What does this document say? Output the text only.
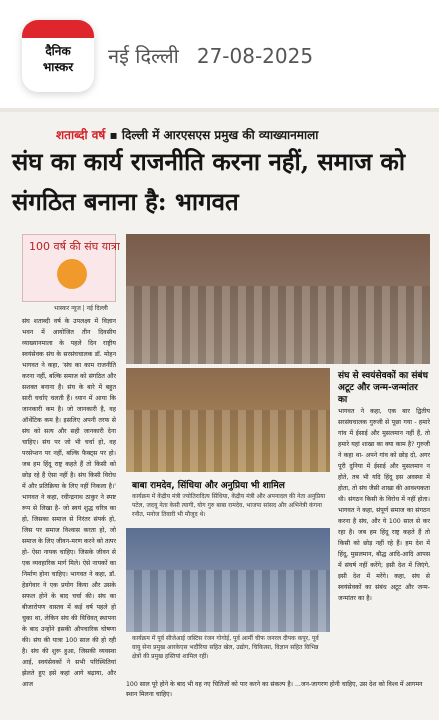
दैनिक
भास्कर	नई दिल्ली 27-08-2025
शताब्दी वर्ष ▪ दिल्ली में आरएसएस प्रमुख की व्याख्यानमाला
संघ का कार्य राजनीति करना नहीं, समाज को संगठित बनाना है: भागवत
100 वर्ष की संघ यात्रा
भास्कर न्यूज | नई दिल्ली
संघ शताब्दी वर्ष के उपलक्ष्य में विज्ञान भवन में आयोजित तीन दिवसीय व्याख्यानमाला के पहले दिन राष्ट्रीय स्वयंसेवक संघ के सरसंघचालक डॉ. मोहन भागवत ने कहा, 'संघ का काम राजनीति करना नहीं, बल्कि समाज को संगठित और सशक्त बनाना है। संघ के बारे में बहुत सारी चर्चाएं चलती हैं। ध्यान में आया कि जानकारी कम है। जो जानकारी है, वह ऑथेंटिक कम है। इसलिए अपनी तरफ से संघ को सत्य और सही जानकारी देना चाहिए। संघ पर जो भी चर्चा हो, वह परसेप्शन पर नहीं, बल्कि फैक्ट्स पर हो। जब हम हिंदू राष्ट्र कहते हैं तो किसी को छोड़ रहे हैं ऐसा नहीं है। संघ किसी विरोध में और प्रतिक्रिया के लिए नहीं निकला है।' भागवत ने कहा, रवीन्द्रनाथ ठाकुर ने स्पष्ट रूप से लिखा है- जो स्वयं शुद्ध चरित्र का हो, जिसका समाज से निरंतर संपर्क हो, जिस पर समाज विश्वास करता हो, जो समाज के लिए जीवन-मरण करने को तत्पर हो- ऐसा नायक चाहिए। जिसके जीवन से एक व्यवहारिक मार्ग मिले। ऐसे नायकों का निर्माण होना चाहिए। भागवत ने कहा, डॉ. हेडगेवार ने एक प्रयोग किया और उसके सफल होने के बाद चर्चा की। संघ का बीजारोपण वास्तव में कई वर्ष पहले हो चुका था, लेकिन संघ की विधिवत् स्थापना के बाद उन्होंने इसकी औपचारिक घोषणा की। संघ की यात्रा 100 साल की हो रही है। संघ की शुरू हुआ, जिसकी व्यवस्था आई, स्वयंसेवकों ने सभी परिस्थितियां झेलते हुए इसे कहां आगे बढ़ाया, और आज
बाबा रामदेव, सिंधिया और अनुप्रिया भी शामिल
कार्यक्रम में केंद्रीय मंत्री ज्योतिरादित्य सिंधिया, केंद्रीय मंत्री और अपनादल की नेता अनुप्रिया पटेल, जदयू नेता केसी त्यागी, योग गुरु बाबा रामदेव, भाजपा सांसद और अभिनेत्री कंगना रनौत, मनोज तिवारी भी मौजूद थे।
कार्यक्रम में पूर्व सीजेआई जस्टिस रंजन गोगोई, पूर्व आर्मी चीफ जनरल दीपक कपूर, पूर्व वायु सेना प्रमुख आरकेएस भदौरिया सहित खेल, उद्योग, चिकित्सा, विज्ञान सहित विभिन्न क्षेत्रों की प्रमुख हस्तियां शामिल रहीं।
संघ से स्वयंसेवकों का संबंध अटूट और जन्म-जन्मांतर का
भागवत ने कहा, एक बार द्वितीय सरसंघचालक गुरुजी से पूछा गया - हमारे गांव में ईसाई और मुसलमान नहीं हैं, तो हमारे यहां शाखा का क्या काम है? गुरुजी ने कहा था- अपने गांव को छोड़ दो, अगर पूरी दुनिया में ईसाई और मुसलमान न होते, तब भी यदि हिंदू इस अवस्था में होता, तो संघ जैसी शाखा की आवश्यकता थी। संगठन किसी के विरोध में नहीं होता। भागवत ने कहा, संपूर्ण समाज का संगठन करना है संघ, और ये 100 साल से कर रहा है। जब हम हिंदू राष्ट्र कहते हैं तो किसी को छोड़ नहीं रहे हैं। हम देश में हिंदू, मुसलमान, बौद्ध आदि-आदि आपस में संघर्ष नहीं करेंगे; इसी देश में जिएंगे, इसी देश में मरेंगे। कहा, संघ से स्वयंसेवकों का संबंध अटूट और जन्म-जन्मांतर का है।
100 साल पूरे होने के बाद भी वह नए चितिजों को पार करने का संकल्प है। ...जन-जागरण होनी चाहिए, उस देश को विश्व में आगमन स्थान मिलना चाहिए।
